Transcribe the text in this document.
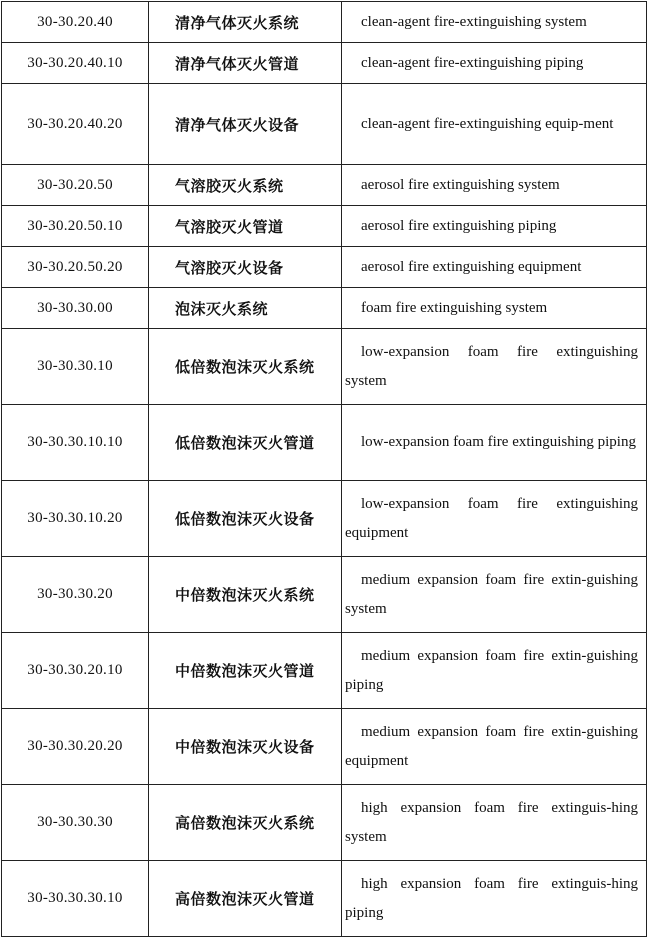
30-30.20.40	清净气体灭火系统	clean-agent fire-extinguishing system
30-30.20.40.10	清净气体灭火管道	clean-agent fire-extinguishing piping
30-30.20.40.20	清净气体灭火设备	clean-agent fire-extinguishing equip-ment
30-30.20.50	气溶胶灭火系统	aerosol fire extinguishing system
30-30.20.50.10	气溶胶灭火管道	aerosol fire extinguishing piping
30-30.20.50.20	气溶胶灭火设备	aerosol fire extinguishing equipment
30-30.30.00	泡沫灭火系统	foam fire extinguishing system
30-30.30.10	低倍数泡沫灭火系统	low-expansion foam fire extinguishing system
30-30.30.10.10	低倍数泡沫灭火管道	low-expansion foam fire extinguishing piping
30-30.30.10.20	低倍数泡沫灭火设备	low-expansion foam fire extinguishing equipment
30-30.30.20	中倍数泡沫灭火系统	medium expansion foam fire extin-guishing system
30-30.30.20.10	中倍数泡沫灭火管道	medium expansion foam fire extin-guishing piping
30-30.30.20.20	中倍数泡沫灭火设备	medium expansion foam fire extin-guishing equipment
30-30.30.30	高倍数泡沫灭火系统	high expansion foam fire extinguis-hing system
30-30.30.30.10	高倍数泡沫灭火管道	high expansion foam fire extinguis-hing piping
